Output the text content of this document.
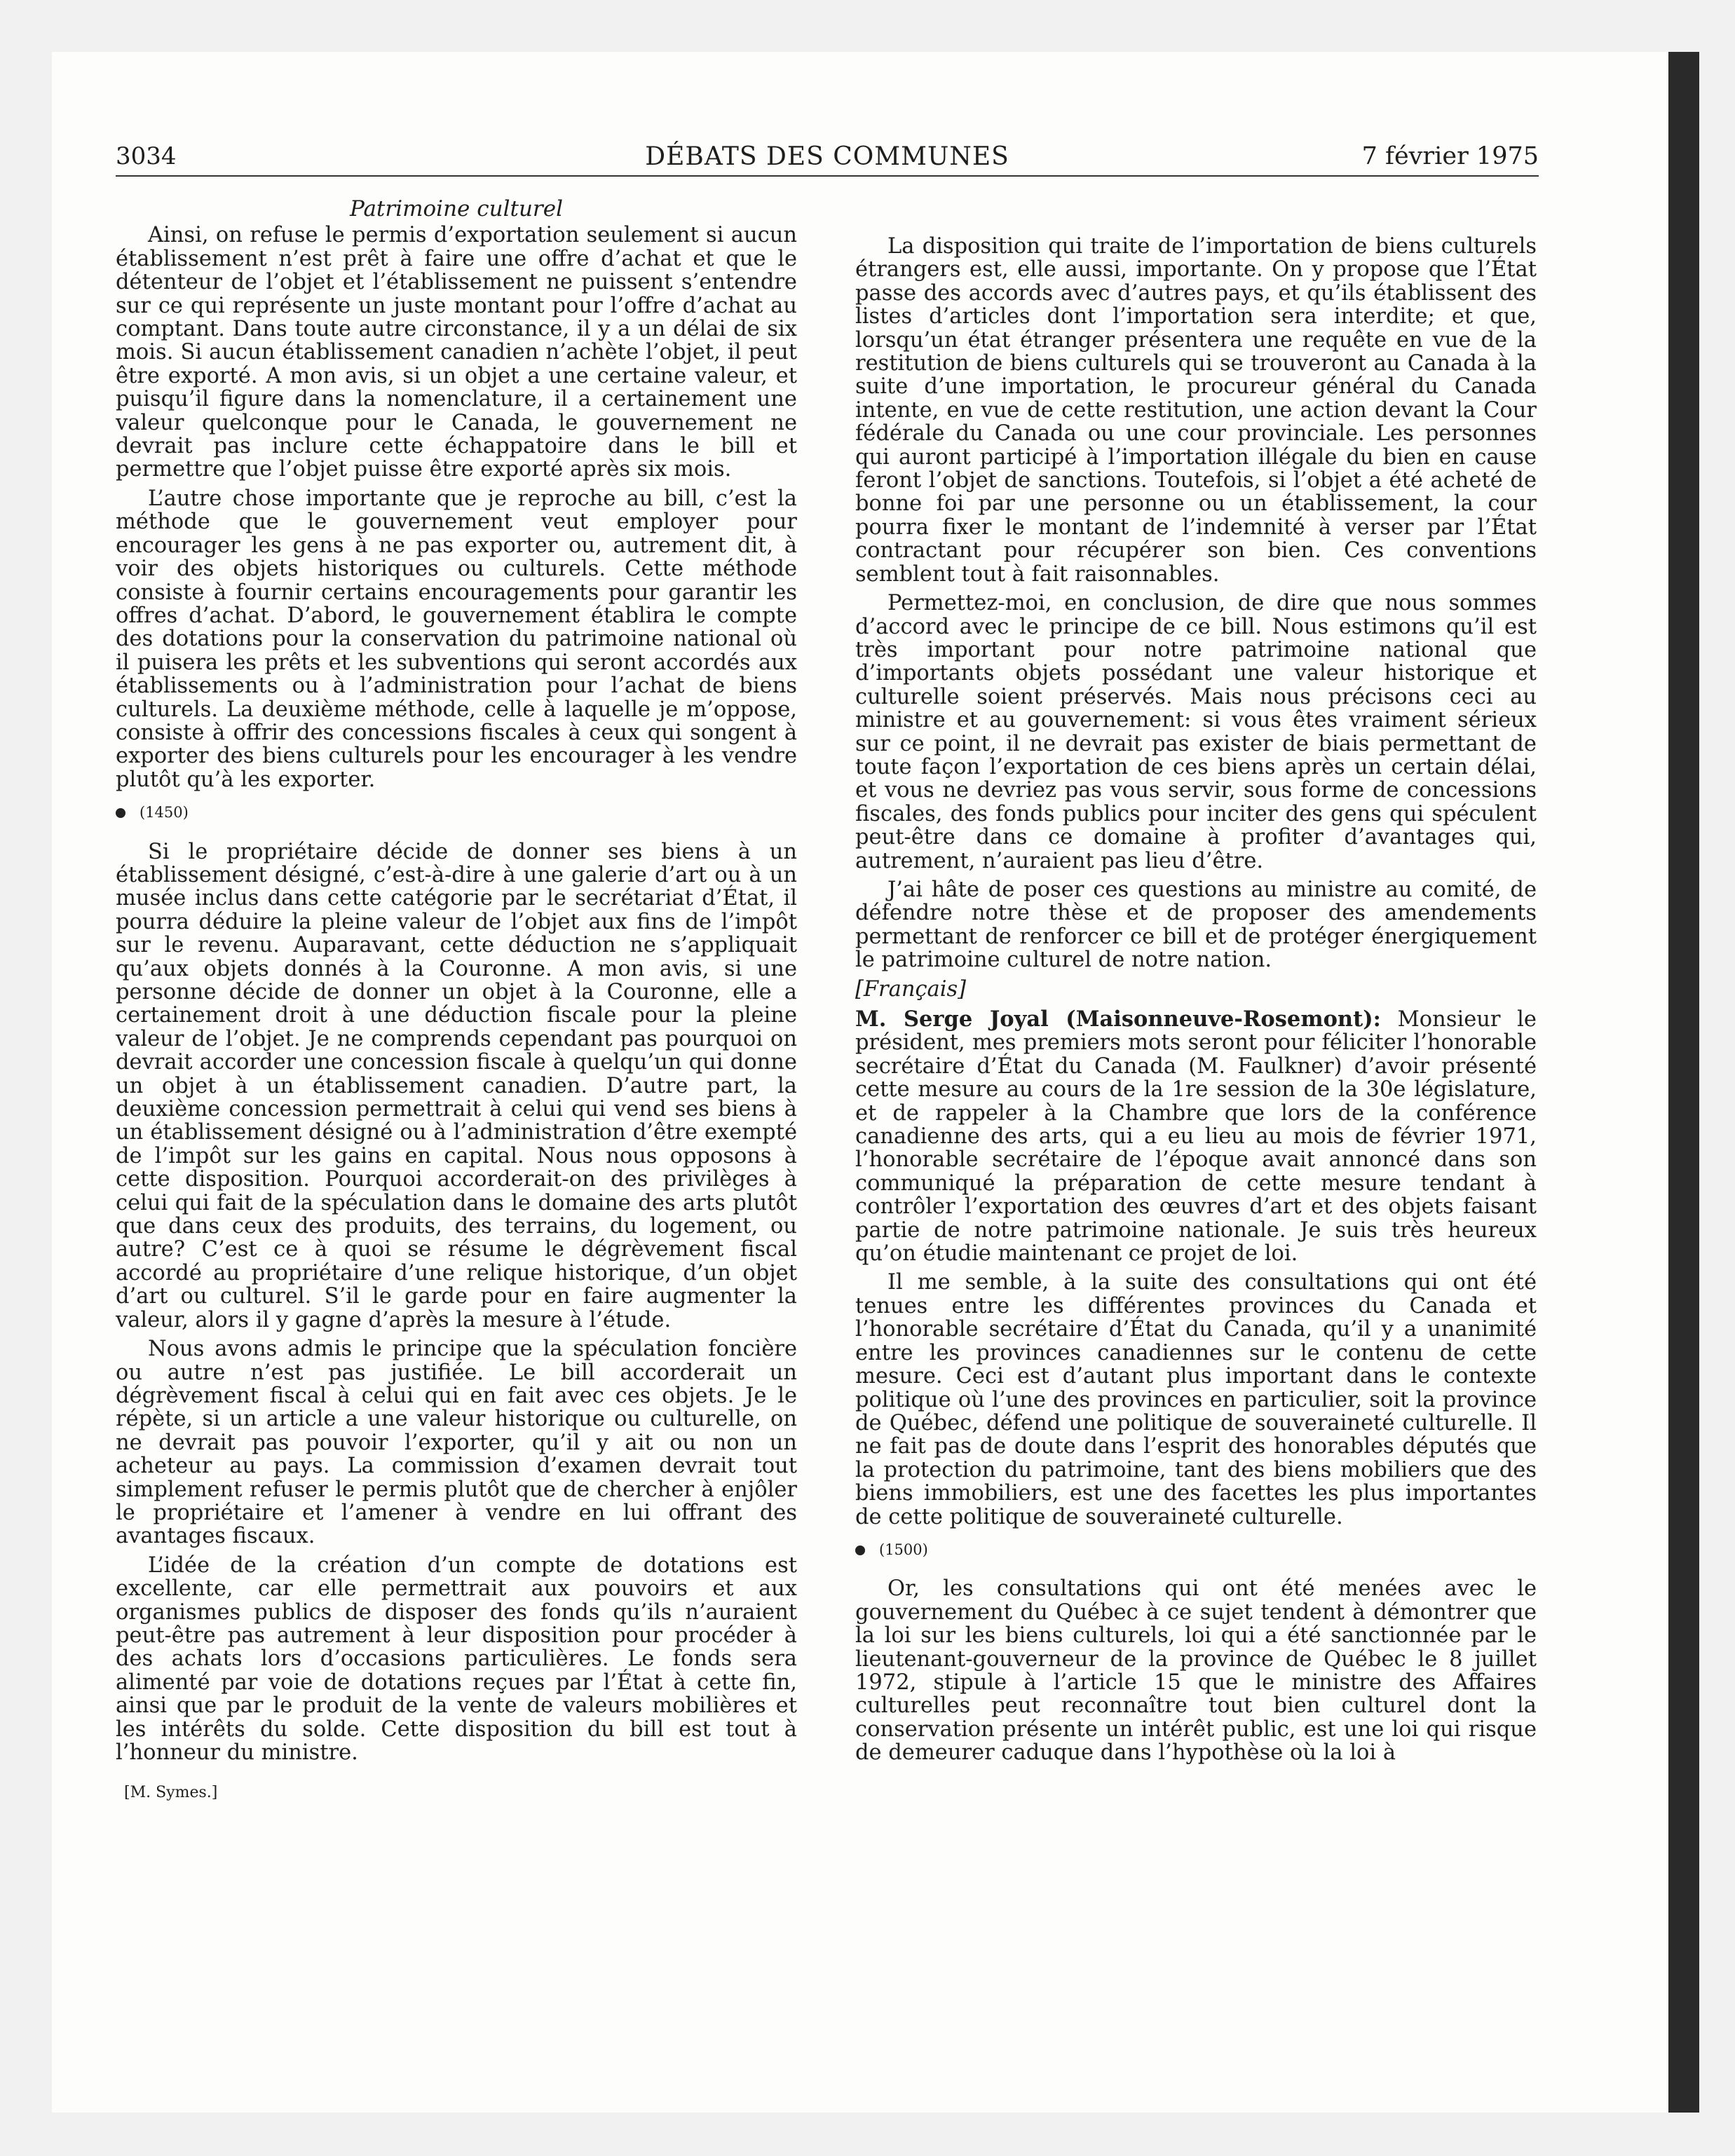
3034	DÉBATS DES COMMUNES	7 février 1975
Patrimoine culturel

Ainsi, on refuse le permis d’exportation seulement si aucun établissement n’est prêt à faire une offre d’achat et que le détenteur de l’objet et l’établissement ne puissent s’entendre sur ce qui représente un juste montant pour l’offre d’achat au comptant. Dans toute autre circonstance, il y a un délai de six mois. Si aucun établissement canadien n’achète l’objet, il peut être exporté. A mon avis, si un objet a une certaine valeur, et puisqu’il figure dans la nomenclature, il a certainement une valeur quelconque pour le Canada, le gouvernement ne devrait pas inclure cette échappatoire dans le bill et permettre que l’objet puisse être exporté après six mois.

L’autre chose importante que je reproche au bill, c’est la méthode que le gouvernement veut employer pour encourager les gens à ne pas exporter ou, autrement dit, à voir des objets historiques ou culturels. Cette méthode consiste à fournir certains encouragements pour garantir les offres d’achat. D’abord, le gouvernement établira le compte des dotations pour la conservation du patrimoine national où il puisera les prêts et les subventions qui seront accordés aux établissements ou à l’administration pour l’achat de biens culturels. La deuxième méthode, celle à laquelle je m’oppose, consiste à offrir des concessions fiscales à ceux qui songent à exporter des biens culturels pour les encourager à les vendre plutôt qu’à les exporter.

(1450)

Si le propriétaire décide de donner ses biens à un établissement désigné, c’est-à-dire à une galerie d’art ou à un musée inclus dans cette catégorie par le secrétariat d’État, il pourra déduire la pleine valeur de l’objet aux fins de l’impôt sur le revenu. Auparavant, cette déduction ne s’appliquait qu’aux objets donnés à la Couronne. A mon avis, si une personne décide de donner un objet à la Couronne, elle a certainement droit à une déduction fiscale pour la pleine valeur de l’objet. Je ne comprends cependant pas pourquoi on devrait accorder une concession fiscale à quelqu’un qui donne un objet à un établissement canadien. D’autre part, la deuxième concession permettrait à celui qui vend ses biens à un établissement désigné ou à l’administration d’être exempté de l’impôt sur les gains en capital. Nous nous opposons à cette disposition. Pourquoi accorderait-on des privilèges à celui qui fait de la spéculation dans le domaine des arts plutôt que dans ceux des produits, des terrains, du logement, ou autre? C’est ce à quoi se résume le dégrèvement fiscal accordé au propriétaire d’une relique historique, d’un objet d’art ou culturel. S’il le garde pour en faire augmenter la valeur, alors il y gagne d’après la mesure à l’étude.

Nous avons admis le principe que la spéculation foncière ou autre n’est pas justifiée. Le bill accorderait un dégrèvement fiscal à celui qui en fait avec ces objets. Je le répète, si un article a une valeur historique ou culturelle, on ne devrait pas pouvoir l’exporter, qu’il y ait ou non un acheteur au pays. La commission d’examen devrait tout simplement refuser le permis plutôt que de chercher à enjôler le propriétaire et l’amener à vendre en lui offrant des avantages fiscaux.

L’idée de la création d’un compte de dotations est excellente, car elle permettrait aux pouvoirs et aux organismes publics de disposer des fonds qu’ils n’auraient peut-être pas autrement à leur disposition pour procéder à des achats lors d’occasions particulières. Le fonds sera alimenté par voie de dotations reçues par l’État à cette fin, ainsi que par le produit de la vente de valeurs mobilières et les intérêts du solde. Cette disposition du bill est tout à l’honneur du ministre.

[M. Symes.]

La disposition qui traite de l’importation de biens culturels étrangers est, elle aussi, importante. On y propose que l’État passe des accords avec d’autres pays, et qu’ils établissent des listes d’articles dont l’importation sera interdite; et que, lorsqu’un état étranger présentera une requête en vue de la restitution de biens culturels qui se trouveront au Canada à la suite d’une importation, le procureur général du Canada intente, en vue de cette restitution, une action devant la Cour fédérale du Canada ou une cour provinciale. Les personnes qui auront participé à l’importation illégale du bien en cause feront l’objet de sanctions. Toutefois, si l’objet a été acheté de bonne foi par une personne ou un établissement, la cour pourra fixer le montant de l’indemnité à verser par l’État contractant pour récupérer son bien. Ces conventions semblent tout à fait raisonnables.

Permettez-moi, en conclusion, de dire que nous sommes d’accord avec le principe de ce bill. Nous estimons qu’il est très important pour notre patrimoine national que d’importants objets possédant une valeur historique et culturelle soient préservés. Mais nous précisons ceci au ministre et au gouvernement: si vous êtes vraiment sérieux sur ce point, il ne devrait pas exister de biais permettant de toute façon l’exportation de ces biens après un certain délai, et vous ne devriez pas vous servir, sous forme de concessions fiscales, des fonds publics pour inciter des gens qui spéculent peut-être dans ce domaine à profiter d’avantages qui, autrement, n’auraient pas lieu d’être.

J’ai hâte de poser ces questions au ministre au comité, de défendre notre thèse et de proposer des amendements permettant de renforcer ce bill et de protéger énergiquement le patrimoine culturel de notre nation.

[Français]

M. Serge Joyal (Maisonneuve-Rosemont): Monsieur le président, mes premiers mots seront pour féliciter l’honorable secrétaire d’État du Canada (M. Faulkner) d’avoir présenté cette mesure au cours de la 1re session de la 30e législature, et de rappeler à la Chambre que lors de la conférence canadienne des arts, qui a eu lieu au mois de février 1971, l’honorable secrétaire de l’époque avait annoncé dans son communiqué la préparation de cette mesure tendant à contrôler l’exportation des œuvres d’art et des objets faisant partie de notre patrimoine nationale. Je suis très heureux qu’on étudie maintenant ce projet de loi.

Il me semble, à la suite des consultations qui ont été tenues entre les différentes provinces du Canada et l’honorable secrétaire d’État du Canada, qu’il y a unanimité entre les provinces canadiennes sur le contenu de cette mesure. Ceci est d’autant plus important dans le contexte politique où l’une des provinces en particulier, soit la province de Québec, défend une politique de souveraineté culturelle. Il ne fait pas de doute dans l’esprit des honorables députés que la protection du patrimoine, tant des biens mobiliers que des biens immobiliers, est une des facettes les plus importantes de cette politique de souveraineté culturelle.

(1500)

Or, les consultations qui ont été menées avec le gouvernement du Québec à ce sujet tendent à démontrer que la loi sur les biens culturels, loi qui a été sanctionnée par le lieutenant-gouverneur de la province de Québec le 8 juillet 1972, stipule à l’article 15 que le ministre des Affaires culturelles peut reconnaître tout bien culturel dont la conservation présente un intérêt public, est une loi qui risque de demeurer caduque dans l’hypothèse où la loi à
